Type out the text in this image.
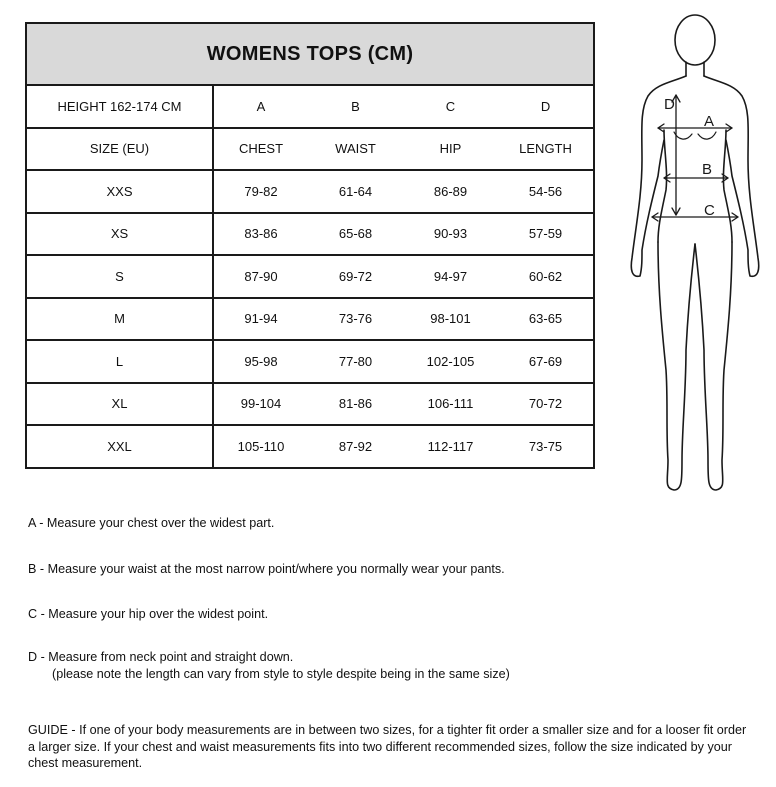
WOMENS TOPS (CM)				
HEIGHT 162-174 CM	A	B	C	D
SIZE (EU)	CHEST	WAIST	HIP	LENGTH
XXS	79-82	61-64	86-89	54-56
XS	83-86	65-68	90-93	57-59
S	87-90	69-72	94-97	60-62
M	91-94	73-76	98-101	63-65
L	95-98	77-80	102-105	67-69
XL	99-104	81-86	106-111	70-72
XXL	105-110	87-92	112-117	73-75
D
A
B
C
A - Measure your chest over the widest part.
B - Measure your waist at the most narrow point/where you normally wear your pants.
C - Measure your hip over the widest point.
D - Measure from neck point and straight down.
(please note the length can vary from style to style despite being in the same size)
GUIDE - If one of your body measurements are in between two sizes, for a tighter fit order a smaller size and for a looser fit order a larger size. If your chest and waist measurements fits into two different recommended sizes, follow the size indicated by your chest measurement.
